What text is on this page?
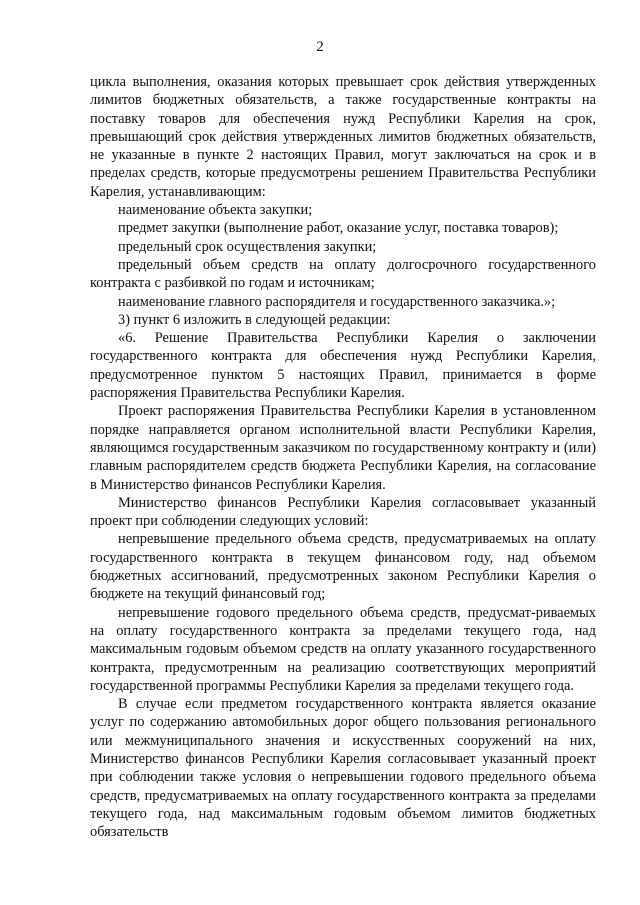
2
цикла выполнения, оказания которых превышает срок действия утвержденных лимитов бюджетных обязательств, а также государственные контракты на поставку товаров для обеспечения нужд Республики Карелия на срок, превышающий срок действия утвержденных лимитов бюджетных обязательств, не указанные в пункте 2 настоящих Правил, могут заключаться на срок и в пределах средств, которые предусмотрены решением Правительства Республики Карелия, устанавливающим:
наименование объекта закупки;
предмет закупки (выполнение работ, оказание услуг, поставка товаров);
предельный срок осуществления закупки;
предельный объем средств на оплату долгосрочного государственного контракта с разбивкой по годам и источникам;
наименование главного распорядителя и государственного заказчика.»;
3) пункт 6 изложить в следующей редакции:
«6. Решение Правительства Республики Карелия о заключении государственного контракта для обеспечения нужд Республики Карелия, предусмотренное пунктом 5 настоящих Правил, принимается в форме распоряжения Правительства Республики Карелия.
Проект распоряжения Правительства Республики Карелия в установленном порядке направляется органом исполнительной власти Республики Карелия, являющимся государственным заказчиком по государственному контракту и (или) главным распорядителем средств бюджета Республики Карелия, на согласование в Министерство финансов Республики Карелия.
Министерство финансов Республики Карелия согласовывает указанный проект при соблюдении следующих условий:
непревышение предельного объема средств, предусматриваемых на оплату государственного контракта в текущем финансовом году, над объемом бюджетных ассигнований, предусмотренных законом Республики Карелия о бюджете на текущий финансовый год;
непревышение годового предельного объема средств, предусмат-риваемых на оплату государственного контракта за пределами текущего года, над максимальным годовым объемом средств на оплату указанного государственного контракта, предусмотренным на реализацию соответствующих мероприятий государственной программы Республики Карелия за пределами текущего года.
В случае если предметом государственного контракта является оказание услуг по содержанию автомобильных дорог общего пользования регионального или межмуниципального значения и искусственных сооружений на них, Министерство финансов Республики Карелия согласовывает указанный проект при соблюдении также условия о непревышении годового предельного объема средств, предусматриваемых на оплату государственного контракта за пределами текущего года, над максимальным годовым объемом лимитов бюджетных обязательств
